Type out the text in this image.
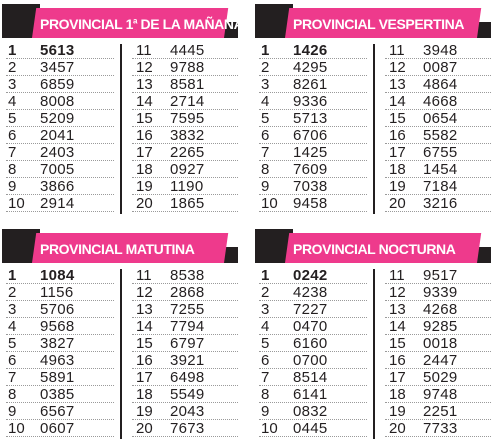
PROVINCIAL 1$^a$ DE LA MAÑANA
1	5613
2	3457
3	6859
4	8008
5	5209
6	2041
7	2403
8	7005
9	3866
10	2914
11	4445
12	9788
13	8581
14	2714
15	7595
16	3832
17	2265
18	0927
19	1190
20	1865
PROVINCIAL VESPERTINA
1	1426
2	4295
3	8261
4	9336
5	5713
6	6706
7	1425
8	7609
9	7038
10	9458
11	3948
12	0087
13	4864
14	4668
15	0654
16	5582
17	6755
18	1454
19	7184
20	3216
PROVINCIAL MATUTINA
1	1084
2	1156
3	5706
4	9568
5	3827
6	4963
7	5891
8	0385
9	6567
10	0607
11	8538
12	2868
13	7255
14	7794
15	6797
16	3921
17	6498
18	5549
19	2043
20	7673
PROVINCIAL NOCTURNA
1	0242
2	4238
3	7227
4	0470
5	6160
6	0700
7	8514
8	6141
9	0832
10	0445
11	9517
12	9339
13	4268
14	9285
15	0018
16	2447
17	5029
18	9748
19	2251
20	7733
